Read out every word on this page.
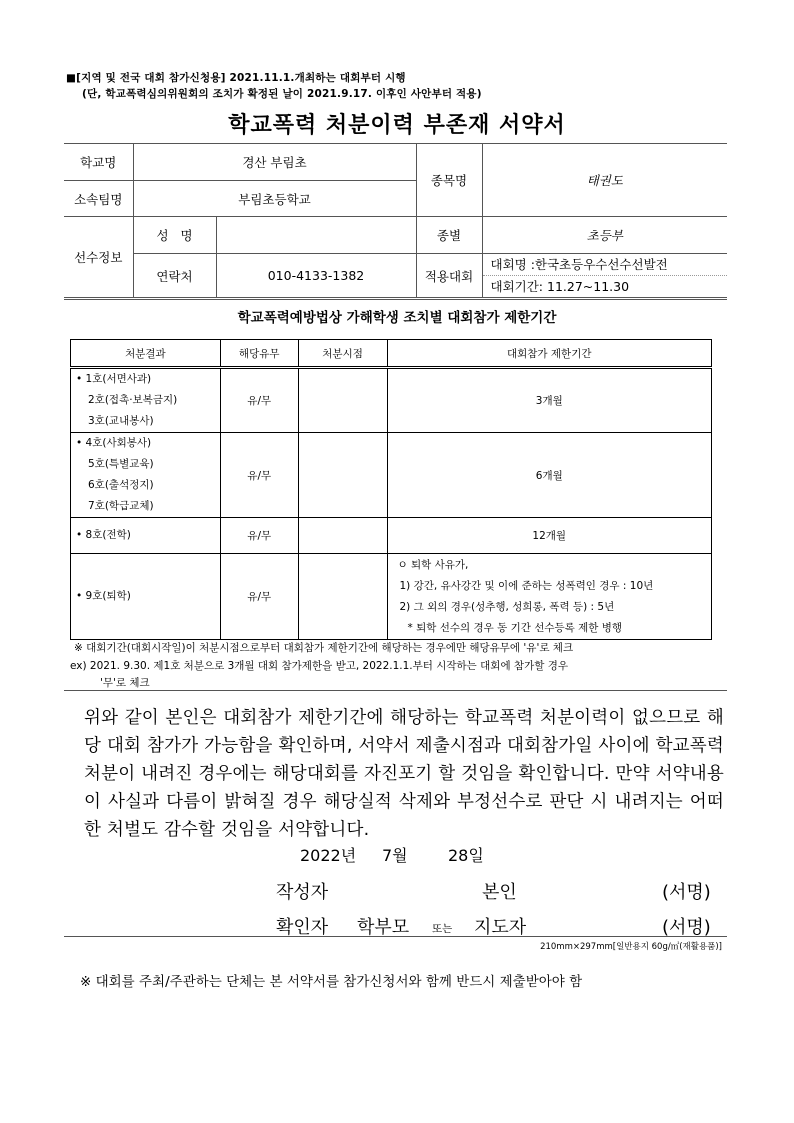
■[지역 및 전국 대회 참가신청용] 2021.11.1.개최하는 대회부터 시행
(단, 학교폭력심의위원회의 조치가 확정된 날이 2021.9.17. 이후인 사안부터 적용)
학교폭력 처분이력 부존재 서약서
학교명	경산 부림초		종목명	태권도
소속팀명	부림초등학교			
선수정보	성   명		종별	초등부
	연락처	010-4133-1382	적용대회	대회명 :한국초등우수선수선발전
대회기간: 11.27~11.30
학교폭력예방법상 가해학생 조치별 대회참가 제한기간
처분결과	해당유무	처분시점	대회참가 제한기간

• 1호(서면사과)
2호(접촉·보복금지)
3호(교내봉사)	유/무		3개월

• 4호(사회봉사)
5호(특별교육)
6호(출석정지)
7호(학급교체)	유/무		6개월

• 8호(전학)	유/무		12개월

• 9호(퇴학)	유/무		ㅇ 퇴학 사유가,
1) 강간, 유사강간 및 이에 준하는 성폭력인 경우 : 10년
2) 그 외의 경우(성추행, 성희롱, 폭력 등) : 5년
* 퇴학 선수의 경우 동 기간 선수등록 제한 병행
※ 대회기간(대회시작일)이 처분시점으로부터 대회참가 제한기간에 해당하는 경우에만 해당유무에 '유'로 체크
ex) 2021. 9.30. 제1호 처분으로 3개월 대회 참가제한을 받고, 2022.1.1.부터 시작하는 대회에 참가할 경우
'무'로 체크
위와 같이 본인은 대회참가 제한기간에 해당하는 학교폭력 처분이력이 없으므로 해당 대회 참가가 가능함을 확인하며, 서약서 제출시점과 대회참가일 사이에 학교폭력 처분이 내려진 경우에는 해당대회를 자진포기 할 것임을 확인합니다. 만약 서약내용이 사실과 다름이 밝혀질 경우 해당실적 삭제와 부정선수로 판단 시 내려지는 어떠한 처벌도 감수할 것임을 서약합니다.
2022년 7월	28일
작성자	본인	(서명)
확인자 학부모 또는 지도자	(서명)
210mm×297mm[일반용지 60g/㎡(재활용품)]
※ 대회를 주최/주관하는 단체는 본 서약서를 참가신청서와 함께 반드시 제출받아야 함
